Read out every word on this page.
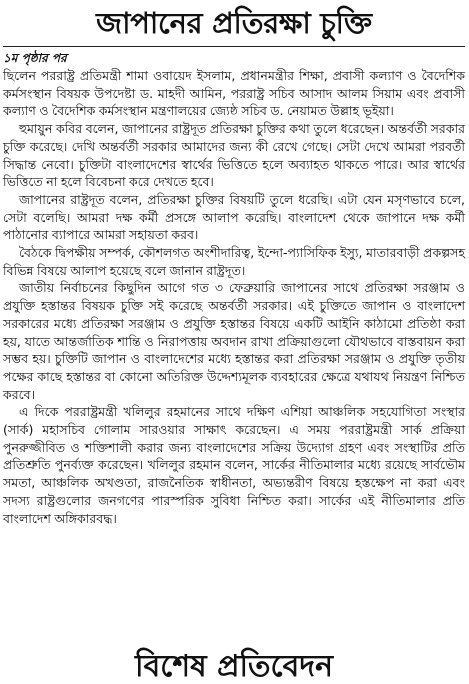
জাপানের প্রতিরক্ষা চুক্তি

১ম পৃষ্ঠার পর

ছিলেন পররাষ্ট্র প্রতিমন্ত্রী শামা ওবায়েদ ইসলাম, প্রধানমন্ত্রীর শিক্ষা, প্রবাসী কল্যাণ ও বৈদেশিক কর্মসংস্থান বিষয়ক উপদেষ্টা ড. মাহদী আমিন, পররাষ্ট্র সচিব আসাদ আলম সিয়াম এবং প্রবাসী কল্যাণ ও বৈদেশিক কর্মসংস্থান মন্ত্রণালয়ের জ্যেষ্ঠ সচিব ড. নেয়ামত উল্লাহ ভূইয়া।

হুমায়ুন কবির বলেন, জাপানের রাষ্ট্রদূত প্রতিরক্ষা চুক্তির কথা তুলে ধরেছেন। অন্তর্বর্তী সরকার চুক্তি করেছে। দেখি অন্তর্বর্তী সরকার আমাদের জন্য কী রেখে গেছে। সেটা দেখে আমরা পরবর্তী সিদ্ধান্ত নেবো। চুক্তিটা বাংলাদেশের স্বার্থের ভিত্তিতে হলে অব্যাহত থাকতে পারে। আর স্বার্থের ভিত্তিতে না হলে বিবেচনা করে দেখতে হবে।

জাপানের রাষ্ট্রদূত বলেন, প্রতিরক্ষা চুক্তির বিষয়টি তুলে ধরেছি। এটা যেন মসৃণভাবে চলে, সেটা বলেছি। আমরা দক্ষ কর্মী প্রসঙ্গে আলাপ করেছি। বাংলাদেশ থেকে জাপানে দক্ষ কর্মী পাঠানোর ব্যাপারে আমরা সহায়তা করব।

বৈঠকে দ্বিপক্ষীয় সম্পর্ক, কৌশলগত অংশীদারিত্ব, ইন্দো-প্যাসিফিক ইস্যু, মাতারবাড়ী প্রকল্পসহ বিভিন্ন বিষয়ে আলাপ হয়েছে বলে জানান রাষ্ট্রদূত।

জাতীয় নির্বাচনের কিছুদিন আগে গত ৩ ফেব্রুয়ারি জাপানের সাথে প্রতিরক্ষা সরঞ্জাম ও প্রযুক্তি হস্তান্তর বিষয়ক চুক্তি সই করেছে অন্তর্বর্তী সরকার। এই চুক্তিতে জাপান ও বাংলাদেশ সরকারের মধ্যে প্রতিরক্ষা সরঞ্জাম ও প্রযুক্তি হস্তান্তর বিষয়ে একটি আইনি কাঠামো প্রতিষ্ঠা করা হয়, যাতে আন্তর্জাতিক শান্তি ও নিরাপত্তায় অবদান রাখা প্রক্রিয়াগুলো যৌথভাবে বাস্তবায়ন করা সম্ভব হয়। চুক্তিটি জাপান ও বাংলাদেশের মধ্যে হস্তান্তর করা প্রতিরক্ষা সরঞ্জাম ও প্রযুক্তি তৃতীয় পক্ষের কাছে হস্তান্তর বা কোনো অতিরিক্ত উদ্দেশ্যমূলক ব্যবহারের ক্ষেত্রে যথাযথ নিয়ন্ত্রণ নিশ্চিত করবে।

এ দিকে পররাষ্ট্রমন্ত্রী খলিলুর রহমানের সাথে দক্ষিণ এশিয়া আঞ্চলিক সহযোগিতা সংস্থার (সার্ক) মহাসচিব গোলাম সারওয়ার সাক্ষাৎ করেছেন। এ সময় পররাষ্ট্রমন্ত্রী সার্ক প্রক্রিয়া পুনরুজ্জীবিত ও শক্তিশালী করার জন্য বাংলাদেশের সক্রিয় উদ্যোগ গ্রহণ এবং সংস্থাটির প্রতি প্রতিশ্রুতি পুনর্ব্যক্ত করেছেন। খলিলুর রহমান বলেন, সার্কের নীতিমালার মধ্যে রয়েছে সার্বভৌম সমতা, আঞ্চলিক অখণ্ডতা, রাজনৈতিক স্বাধীনতা, অভ্যন্তরীণ বিষয়ে হস্তক্ষেপ না করা এবং সদস্য রাষ্ট্রগুলোর জনগণের পারস্পরিক সুবিধা নিশ্চিত করা। সার্কের এই নীতিমালার প্রতি বাংলাদেশ অঙ্গিকারবদ্ধ।

বিশেষ প্রতিবেদন
